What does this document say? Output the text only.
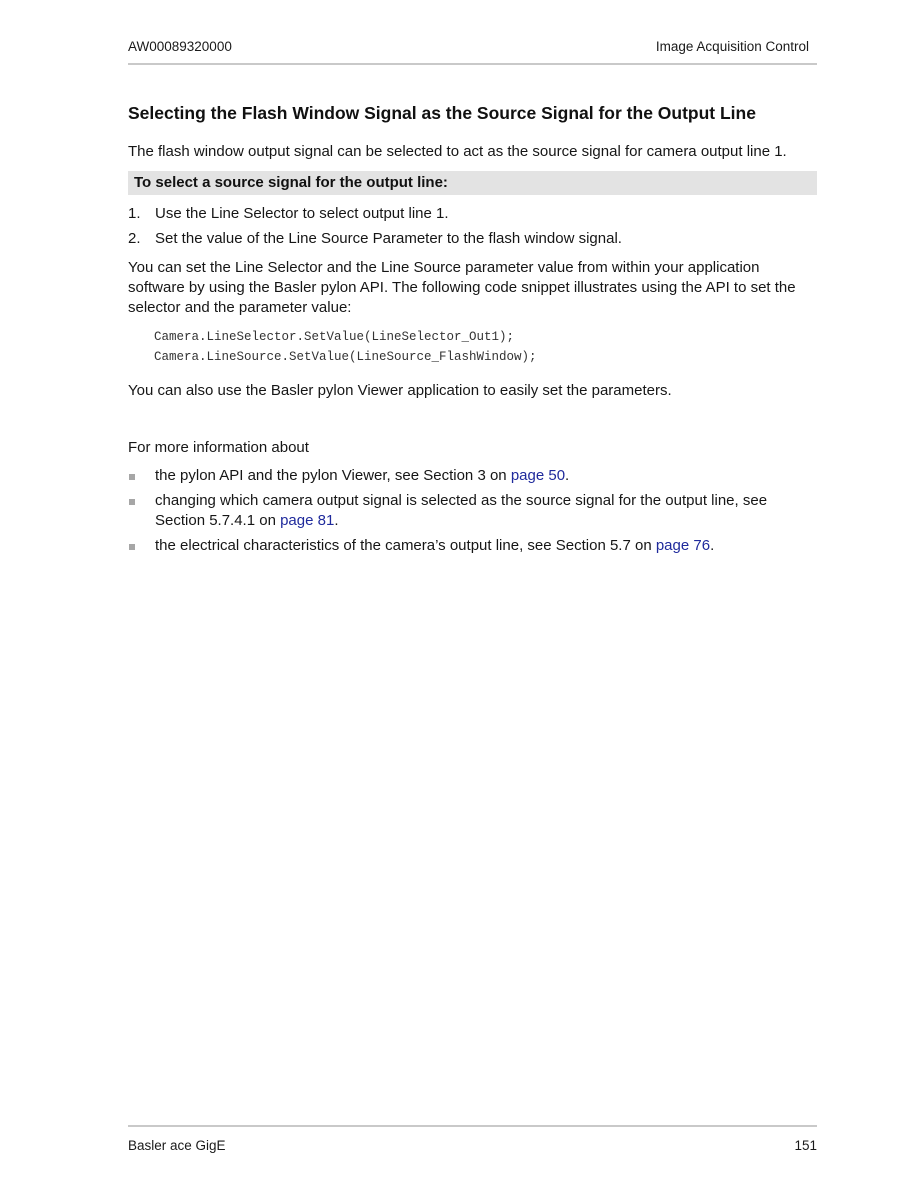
AW00089320000	Image Acquisition Control
Selecting the Flash Window Signal as the Source Signal for the Output Line

The flash window output signal can be selected to act as the source signal for camera output line 1.

To select a source signal for the output line:
1. Use the Line Selector to select output line 1.
2. Set the value of the Line Source Parameter to the flash window signal.

You can set the Line Selector and the Line Source parameter value from within your application software by using the Basler pylon API. The following code snippet illustrates using the API to set the selector and the parameter value:

Camera.LineSelector.SetValue(LineSelector_Out1);
Camera.LineSource.SetValue(LineSource_FlashWindow);

You can also use the Basler pylon Viewer application to easily set the parameters.

For more information about

the pylon API and the pylon Viewer, see Section 3 on page 50.
changing which camera output signal is selected as the source signal for the output line, see Section 5.7.4.1 on page 81.
the electrical characteristics of the camera’s output line, see Section 5.7 on page 76.
Basler ace GigE	151
